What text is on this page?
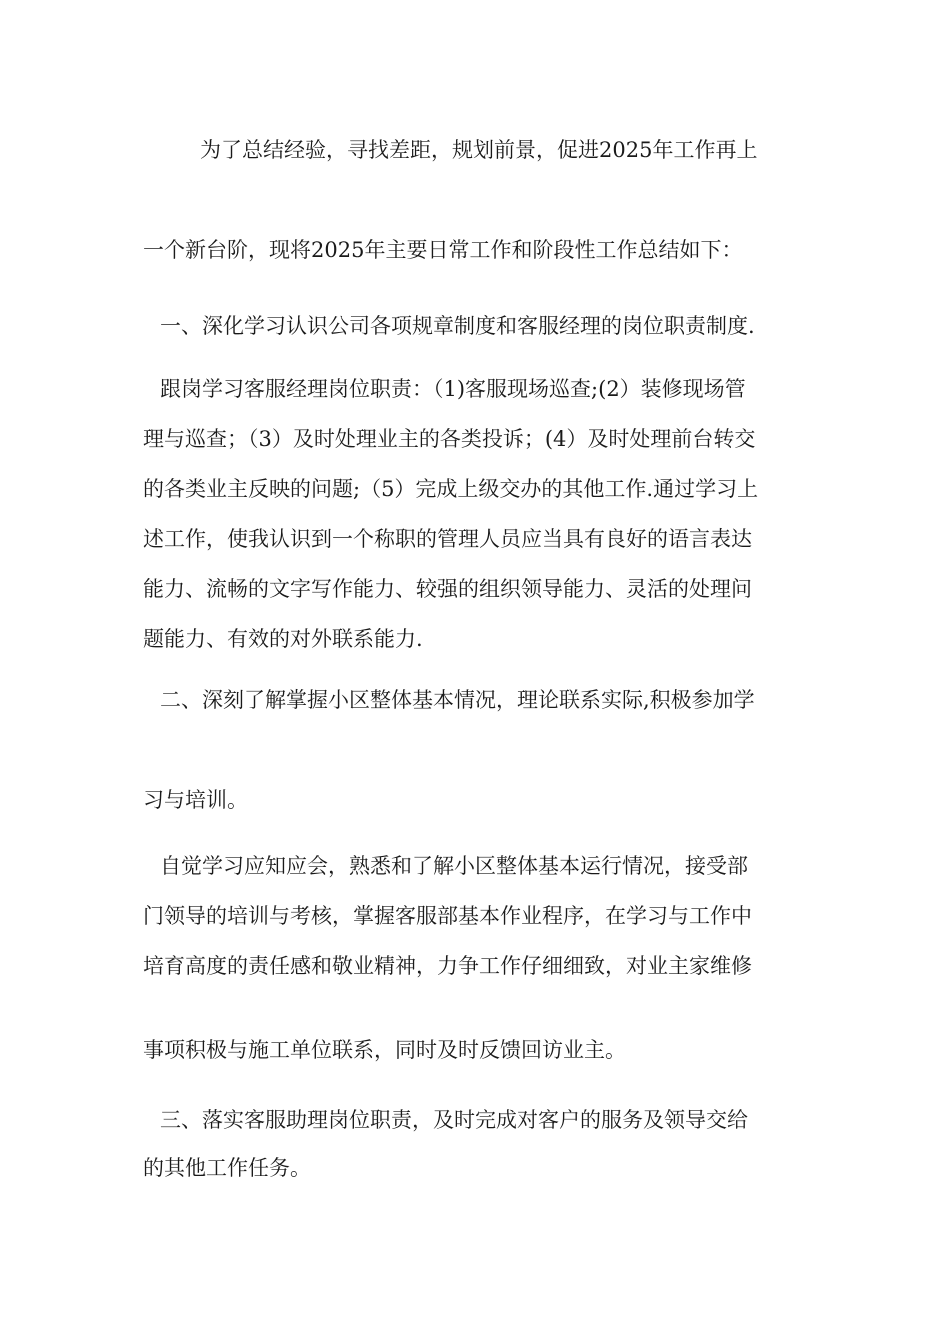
为了总结经验，寻找差距，规划前景，促进2025年工作再上

一个新台阶，现将2025年主要日常工作和阶段性工作总结如下：

一、深化学习认识公司各项规章制度和客服经理的岗位职责制度.

跟岗学习客服经理岗位职责：（1)客服现场巡查;(2）装修现场管

理与巡查；（3）及时处理业主的各类投诉；(4）及时处理前台转交

的各类业主反映的问题;（5）完成上级交办的其他工作.通过学习上

述工作，使我认识到一个称职的管理人员应当具有良好的语言表达

能力、流畅的文字写作能力、较强的组织领导能力、灵活的处理问

题能力、有效的对外联系能力.

二、深刻了解掌握小区整体基本情况，理论联系实际,积极参加学

习与培训。

自觉学习应知应会，熟悉和了解小区整体基本运行情况，接受部

门领导的培训与考核，掌握客服部基本作业程序，在学习与工作中

培育高度的责任感和敬业精神，力争工作仔细细致，对业主家维修

事项积极与施工单位联系，同时及时反馈回访业主。

三、落实客服助理岗位职责，及时完成对客户的服务及领导交给

的其他工作任务。
